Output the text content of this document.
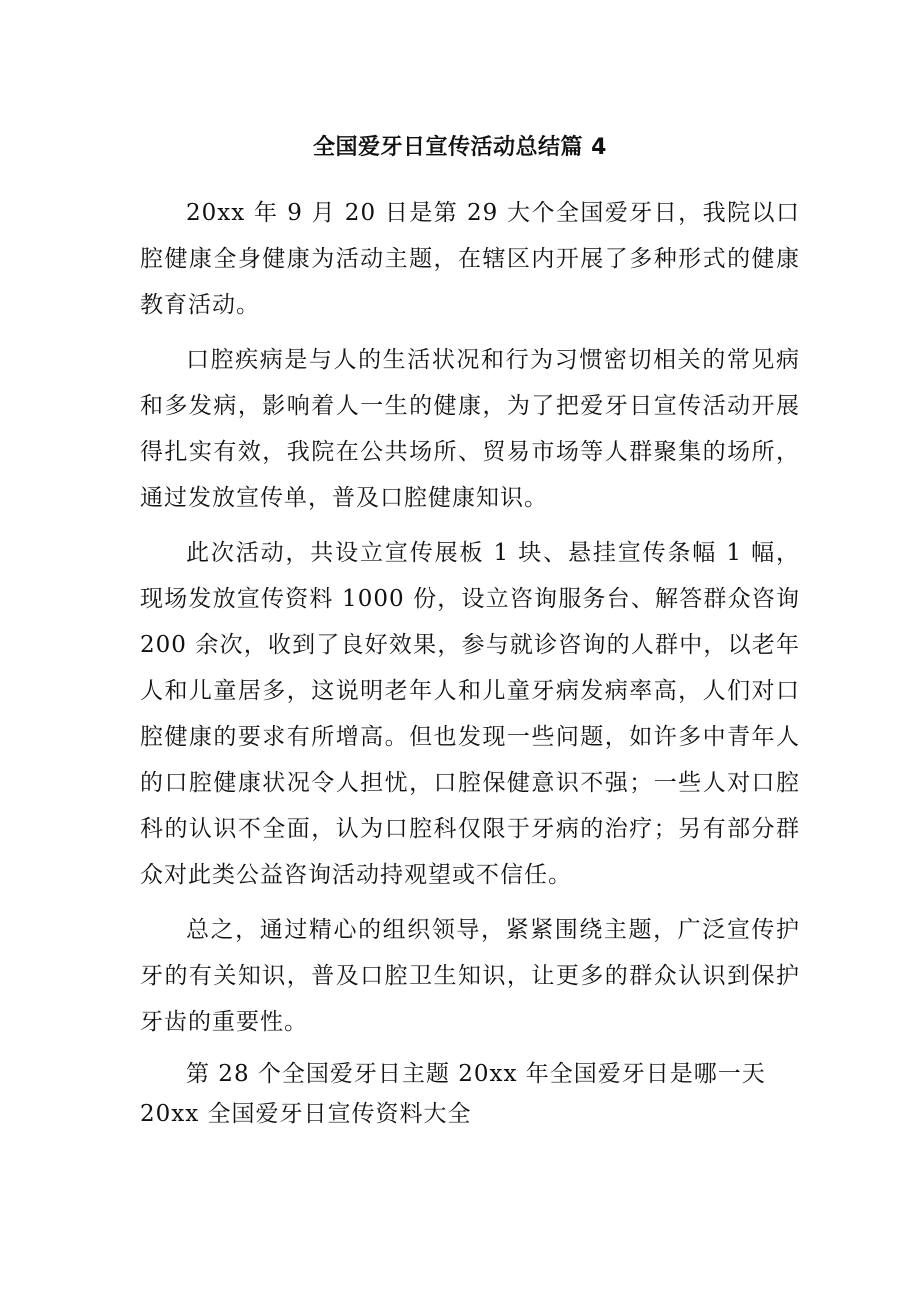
全国爱牙日宣传活动总结篇 4

20xx 年 9 月 20 日是第 29 大个全国爱牙日，我院以口腔健康全身健康为活动主题，在辖区内开展了多种形式的健康教育活动。

口腔疾病是与人的生活状况和行为习惯密切相关的常见病和多发病，影响着人一生的健康，为了把爱牙日宣传活动开展得扎实有效，我院在公共场所、贸易市场等人群聚集的场所，通过发放宣传单，普及口腔健康知识。

此次活动，共设立宣传展板 1 块、悬挂宣传条幅 1 幅，现场发放宣传资料 1000 份，设立咨询服务台、解答群众咨询 200 余次，收到了良好效果，参与就诊咨询的人群中，以老年人和儿童居多，这说明老年人和儿童牙病发病率高，人们对口腔健康的要求有所增高。但也发现一些问题，如许多中青年人的口腔健康状况令人担忧，口腔保健意识不强；一些人对口腔科的认识不全面，认为口腔科仅限于牙病的治疗；另有部分群众对此类公益咨询活动持观望或不信任。

总之，通过精心的组织领导，紧紧围绕主题，广泛宣传护牙的有关知识，普及口腔卫生知识，让更多的群众认识到保护牙齿的重要性。

第 28 个全国爱牙日主题 20xx 年全国爱牙日是哪一天
20xx 全国爱牙日宣传资料大全
